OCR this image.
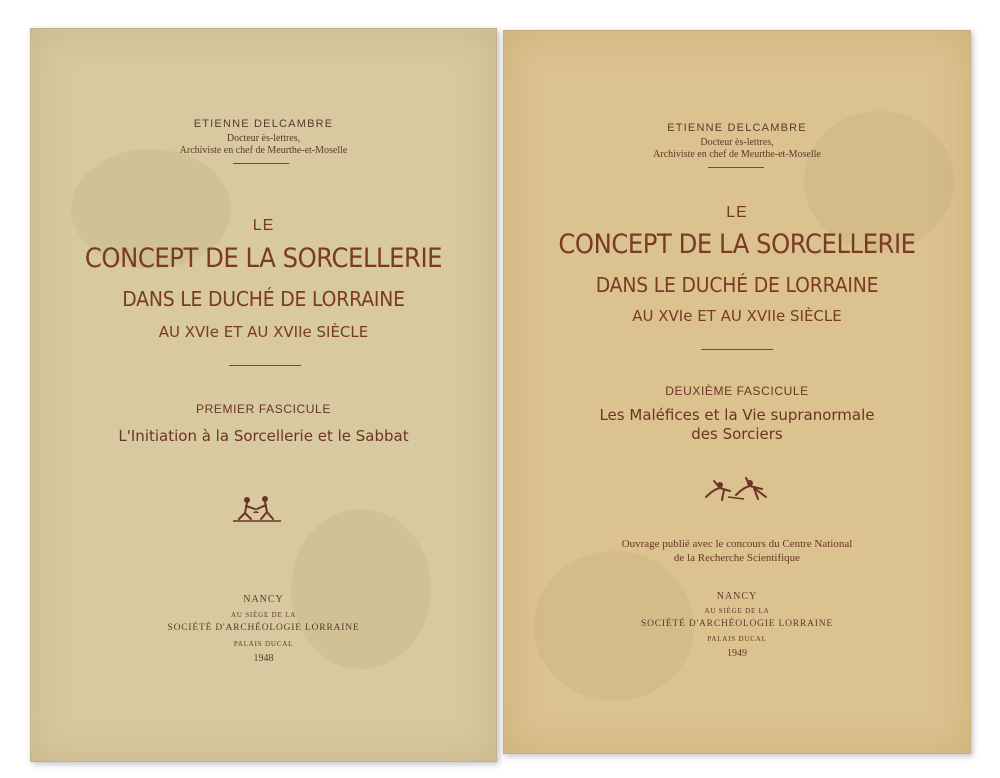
ETIENNE DELCAMBRE
Docteur ès-lettres,
Archiviste en chef de Meurthe-et-Moselle
LE
CONCEPT DE LA SORCELLERIE
DANS LE DUCHÉ DE LORRAINE
AU XVIe ET AU XVIIe SIÈCLE
PREMIER FASCICULE
L'Initiation à la Sorcellerie et le Sabbat
NANCY
AU SIÈGE DE LA
SOCIÉTÉ D'ARCHÉOLOGIE LORRAINE
PALAIS DUCAL
1948
ETIENNE DELCAMBRE
Docteur ès-lettres,
Archiviste en chef de Meurthe-et-Moselle
LE
CONCEPT DE LA SORCELLERIE
DANS LE DUCHÉ DE LORRAINE
AU XVIe ET AU XVIIe SIÈCLE
DEUXIÈME FASCICULE
Les Maléfices et la Vie supranormale
des Sorciers
Ouvrage publié avec le concours du Centre National
de la Recherche Scientifique
NANCY
AU SIÈGE DE LA
SOCIÉTÉ D'ARCHÉOLOGIE LORRAINE
PALAIS DUCAL
1949
